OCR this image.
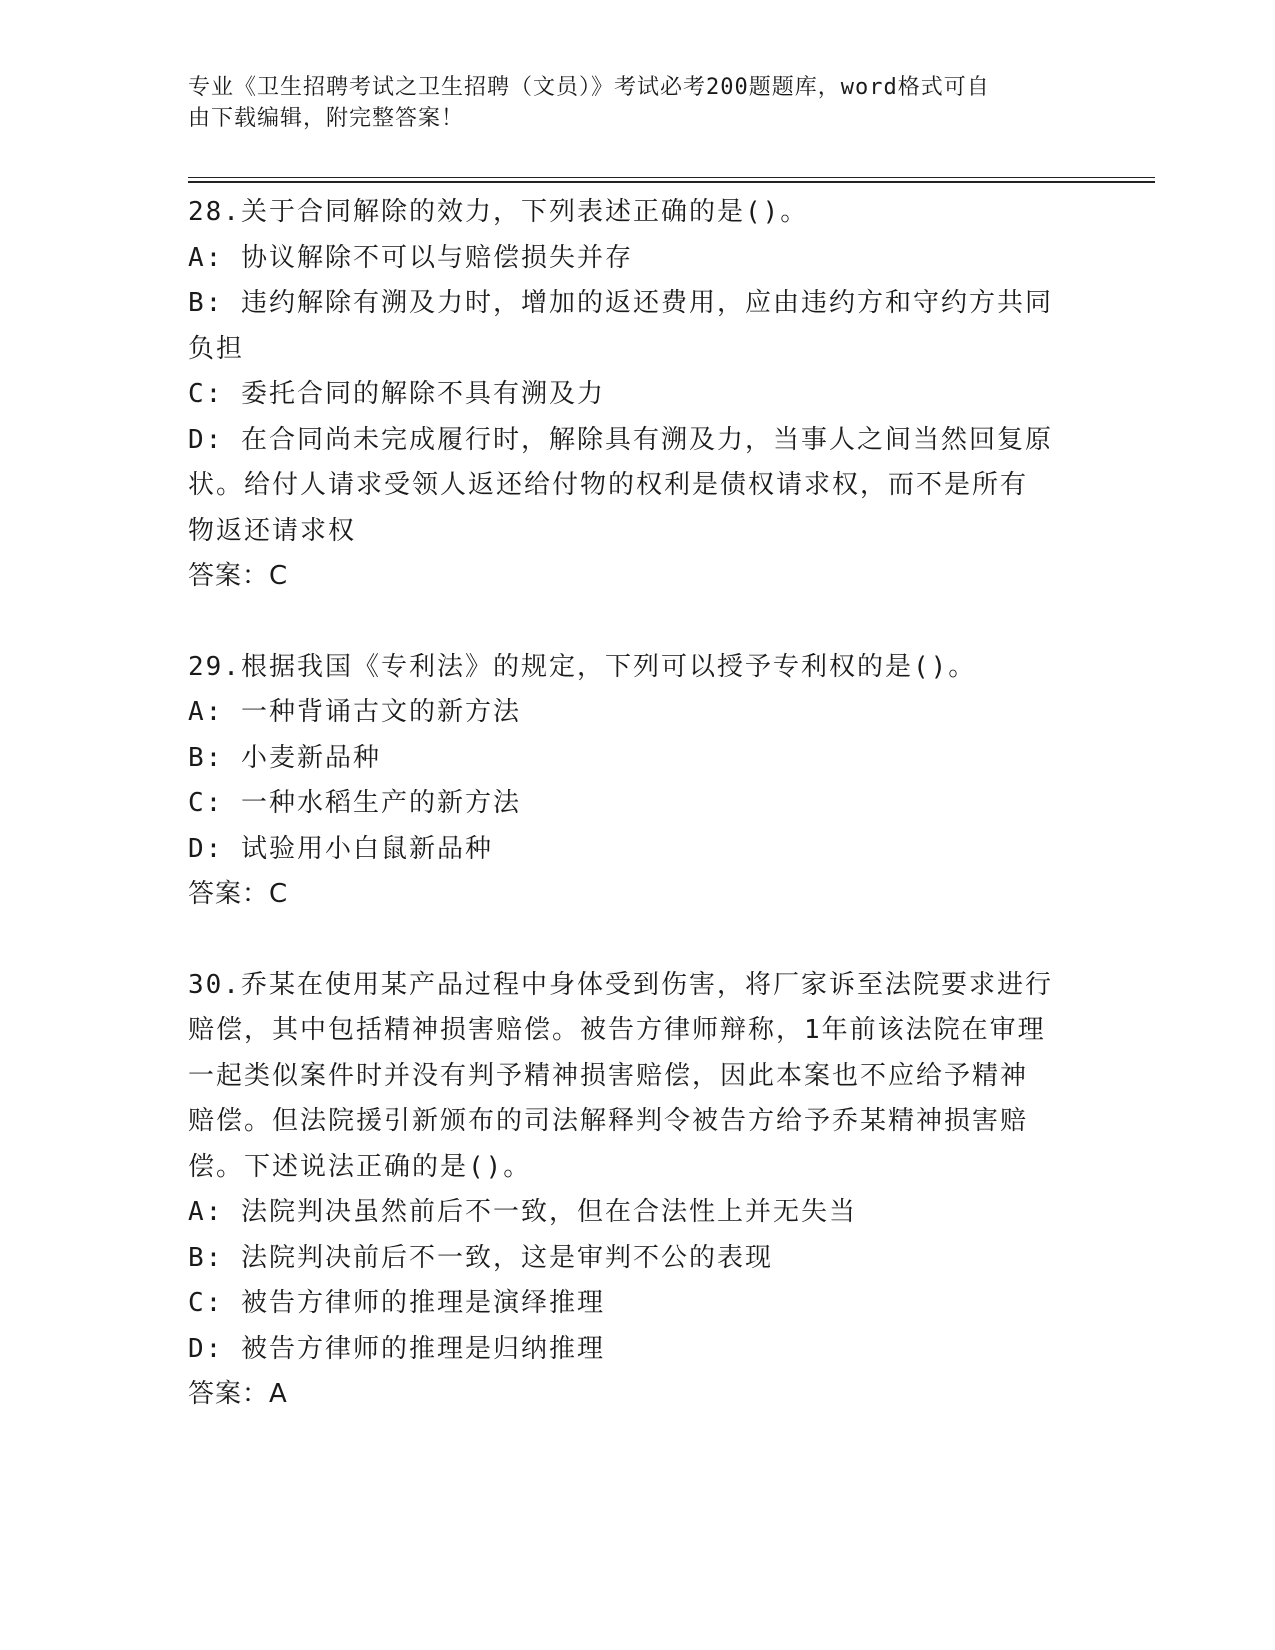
专业《卫生招聘考试之卫生招聘（文员）》考试必考200题题库，word格式可自
由下载编辑，附完整答案！
28.关于合同解除的效力，下列表述正确的是()。
A: 协议解除不可以与赔偿损失并存
B: 违约解除有溯及力时，增加的返还费用，应由违约方和守约方共同
负担
C: 委托合同的解除不具有溯及力
D: 在合同尚未完成履行时，解除具有溯及力，当事人之间当然回复原
状。给付人请求受领人返还给付物的权利是债权请求权，而不是所有
物返还请求权
答案：C
29.根据我国《专利法》的规定，下列可以授予专利权的是()。
A: 一种背诵古文的新方法
B: 小麦新品种
C: 一种水稻生产的新方法
D: 试验用小白鼠新品种
答案：C
30.乔某在使用某产品过程中身体受到伤害，将厂家诉至法院要求进行
赔偿，其中包括精神损害赔偿。被告方律师辩称，1年前该法院在审理
一起类似案件时并没有判予精神损害赔偿，因此本案也不应给予精神
赔偿。但法院援引新颁布的司法解释判令被告方给予乔某精神损害赔
偿。下述说法正确的是()。
A: 法院判决虽然前后不一致，但在合法性上并无失当
B: 法院判决前后不一致，这是审判不公的表现
C: 被告方律师的推理是演绎推理
D: 被告方律师的推理是归纳推理
答案：A
